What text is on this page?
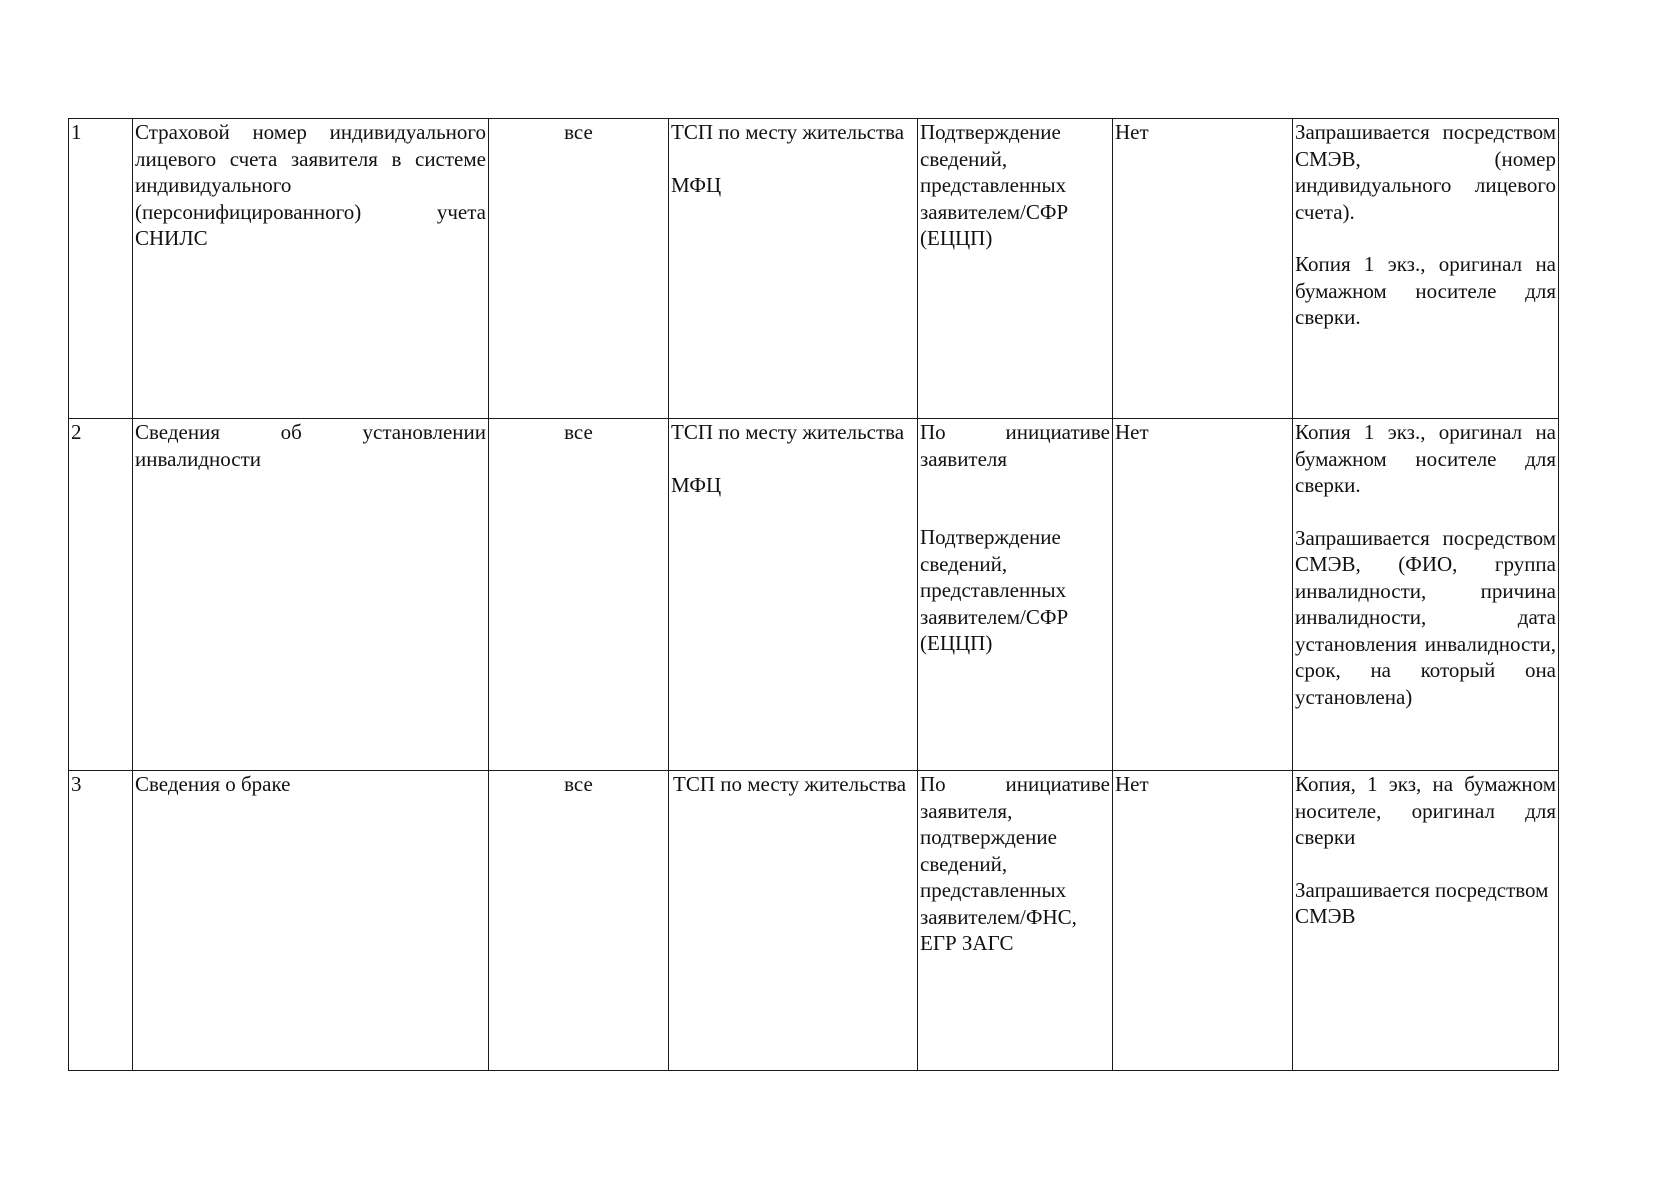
1	Страховой номер индивидуального лицевого счета заявителя в системе индивидуального (персонифицированного) учета СНИЛС	все	ТСП по месту жительства
МФЦ	Подтверждение сведений, представленных заявителем/СФР (ЕЦЦП)	Нет	Запрашивается посредством СМЭВ, (номер индивидуального лицевого счета).
Копия 1 экз., оригинал на бумажном носителе для сверки.

2	Сведения об установлении инвалидности	все	ТСП по месту жительства
МФЦ	По инициативе заявителя
Подтверждение сведений, представленных заявителем/СФР (ЕЦЦП)	Нет	Копия 1 экз., оригинал на бумажном носителе для сверки.
Запрашивается посредством СМЭВ, (ФИО, группа инвалидности, причина инвалидности, дата установления инвалидности, срок, на который она установлена)

3	Сведения о браке	все	ТСП по месту жительства	По инициативе заявителя, подтверждение сведений, представленных заявителем/ФНС, ЕГР ЗАГС	Нет	Копия, 1 экз, на бумажном носителе, оригинал для сверки
Запрашивается посредством СМЭВ
